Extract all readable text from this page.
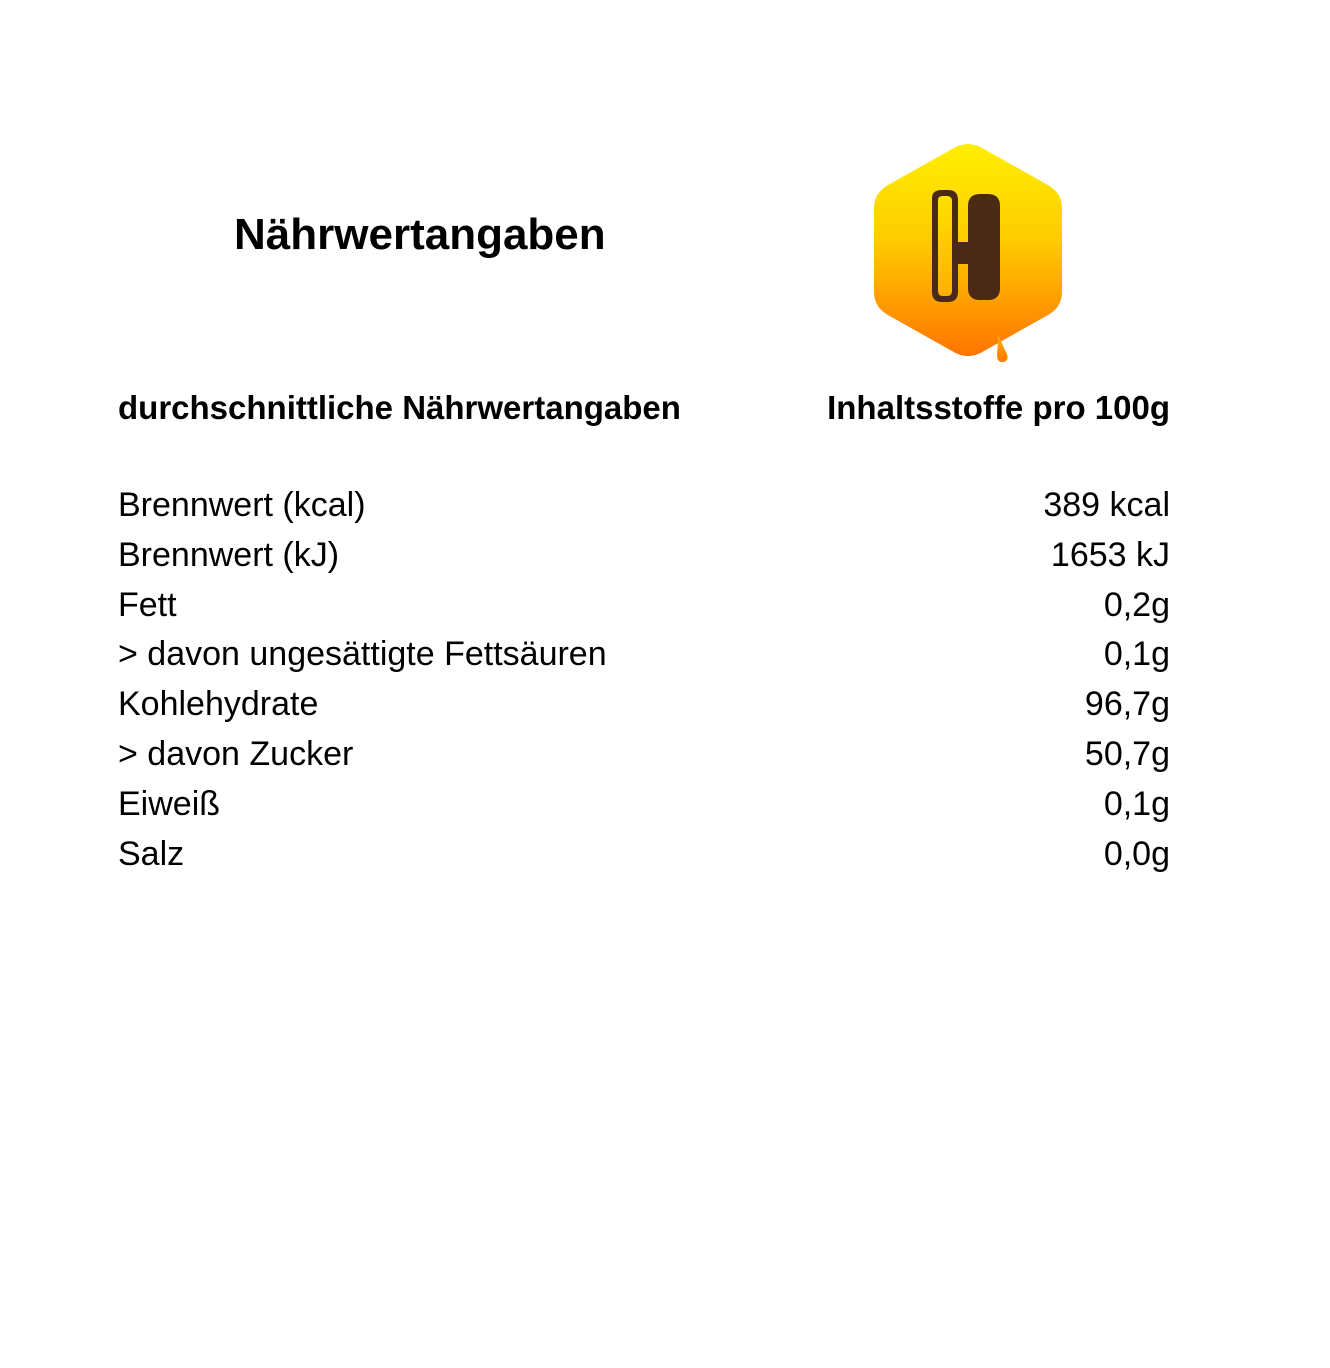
Nährwertangaben
durchschnittliche Nährwertangaben	Inhaltsstoffe pro 100g
Brennwert (kcal)	389 kcal
Brennwert (kJ)	1653 kJ
Fett	0,2g
> davon ungesättigte Fettsäuren	0,1g
Kohlehydrate	96,7g
> davon Zucker	50,7g
Eiweiß	0,1g
Salz	0,0g
